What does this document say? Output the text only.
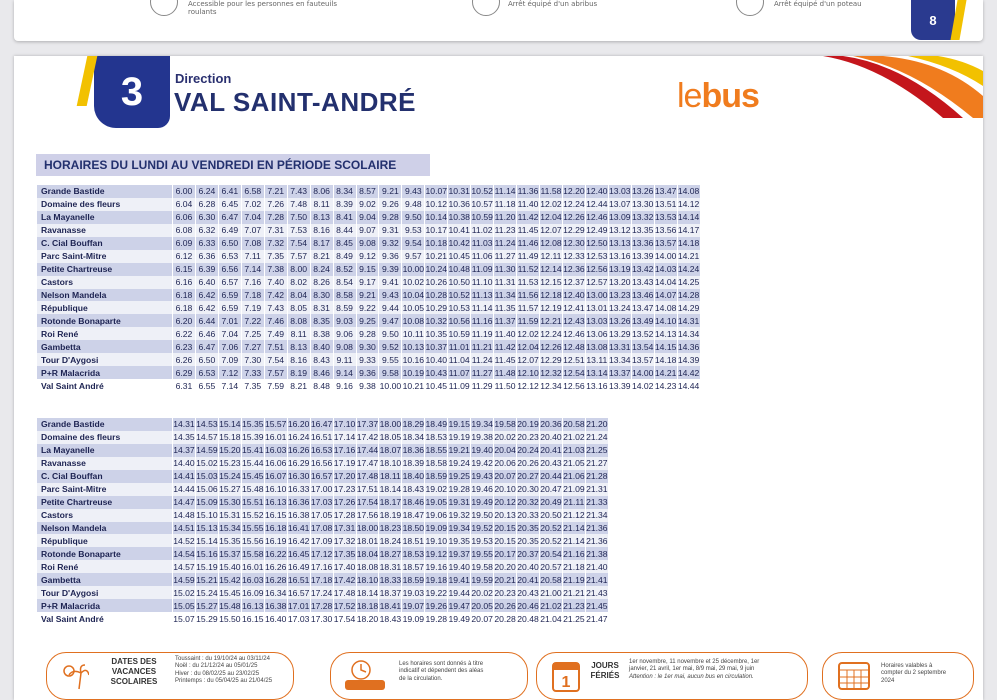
Accessible pour les personnes en fauteuils roulants
Arrêt équipé d'un abribus	Arrêt équipé d'un poteau
8
3 Direction
VAL SAINT-ANDRÉ	lebus
HORAIRES DU LUNDI AU VENDREDI EN PÉRIODE SCOLAIRE
Grande Bastide	6.00	6.24	6.41	6.58	7.21	7.43	8.06	8.34	8.57	9.21	9.43	10.07	10.31	10.52	11.14	11.36	11.58	12.20	12.40	13.03	13.26	13.47	14.08
Domaine des fleurs	6.04	6.28	6.45	7.02	7.26	7.48	8.11	8.39	9.02	9.26	9.48	10.12	10.36	10.57	11.18	11.40	12.02	12.24	12.44	13.07	13.30	13.51	14.12
La Mayanelle	6.06	6.30	6.47	7.04	7.28	7.50	8.13	8.41	9.04	9.28	9.50	10.14	10.38	10.59	11.20	11.42	12.04	12.26	12.46	13.09	13.32	13.53	14.14
Ravanasse	6.08	6.32	6.49	7.07	7.31	7.53	8.16	8.44	9.07	9.31	9.53	10.17	10.41	11.02	11.23	11.45	12.07	12.29	12.49	13.12	13.35	13.56	14.17
C. Cial Bouffan	6.09	6.33	6.50	7.08	7.32	7.54	8.17	8.45	9.08	9.32	9.54	10.18	10.42	11.03	11.24	11.46	12.08	12.30	12.50	13.13	13.36	13.57	14.18
Parc Saint-Mitre	6.12	6.36	6.53	7.11	7.35	7.57	8.21	8.49	9.12	9.36	9.57	10.21	10.45	11.06	11.27	11.49	12.11	12.33	12.53	13.16	13.39	14.00	14.21
Petite Chartreuse	6.15	6.39	6.56	7.14	7.38	8.00	8.24	8.52	9.15	9.39	10.00	10.24	10.48	11.09	11.30	11.52	12.14	12.36	12.56	13.19	13.42	14.03	14.24
Castors	6.16	6.40	6.57	7.16	7.40	8.02	8.26	8.54	9.17	9.41	10.02	10.26	10.50	11.10	11.31	11.53	12.15	12.37	12.57	13.20	13.43	14.04	14.25
Nelson Mandela	6.18	6.42	6.59	7.18	7.42	8.04	8.30	8.58	9.21	9.43	10.04	10.28	10.52	11.13	11.34	11.56	12.18	12.40	13.00	13.23	13.46	14.07	14.28
République	6.18	6.42	6.59	7.19	7.43	8.05	8.31	8.59	9.22	9.44	10.05	10.29	10.53	11.14	11.35	11.57	12.19	12.41	13.01	13.24	13.47	14.08	14.29
Rotonde Bonaparte	6.20	6.44	7.01	7.22	7.46	8.08	8.35	9.03	9.25	9.47	10.08	10.32	10.56	11.16	11.37	11.59	12.21	12.43	13.03	13.26	13.49	14.10	14.31
Roi René	6.22	6.46	7.04	7.25	7.49	8.11	8.38	9.06	9.28	9.50	10.11	10.35	10.59	11.19	11.40	12.02	12.24	12.46	13.06	13.29	13.52	14.13	14.34
Gambetta	6.23	6.47	7.06	7.27	7.51	8.13	8.40	9.08	9.30	9.52	10.13	10.37	11.01	11.21	11.42	12.04	12.26	12.48	13.08	13.31	13.54	14.15	14.36
Tour D'Aygosi	6.26	6.50	7.09	7.30	7.54	8.16	8.43	9.11	9.33	9.55	10.16	10.40	11.04	11.24	11.45	12.07	12.29	12.51	13.11	13.34	13.57	14.18	14.39
P+R Malacrida	6.29	6.53	7.12	7.33	7.57	8.19	8.46	9.14	9.36	9.58	10.19	10.43	11.07	11.27	11.48	12.10	12.32	12.54	13.14	13.37	14.00	14.21	14.42
Val Saint André	6.31	6.55	7.14	7.35	7.59	8.21	8.48	9.16	9.38	10.00	10.21	10.45	11.09	11.29	11.50	12.12	12.34	12.56	13.16	13.39	14.02	14.23	14.44
Grande Bastide	14.31	14.53	15.14	15.35	15.57	16.20	16.47	17.10	17.37	18.00	18.29	18.49	19.15	19.34	19.58	20.19	20.36	20.58	21.20
Domaine des fleurs	14.35	14.57	15.18	15.39	16.01	16.24	16.51	17.14	17.42	18.05	18.34	18.53	19.19	19.38	20.02	20.23	20.40	21.02	21.24
La Mayanelle	14.37	14.59	15.20	15.41	16.03	16.26	16.53	17.16	17.44	18.07	18.36	18.55	19.21	19.40	20.04	20.24	20.41	21.03	21.25
Ravanasse	14.40	15.02	15.23	15.44	16.06	16.29	16.56	17.19	17.47	18.10	18.39	18.58	19.24	19.42	20.06	20.26	20.43	21.05	21.27
C. Cial Bouffan	14.41	15.03	15.24	15.45	16.07	16.30	16.57	17.20	17.48	18.11	18.40	18.59	19.25	19.43	20.07	20.27	20.44	21.06	21.28
Parc Saint-Mitre	14.44	15.06	15.27	15.48	16.10	16.33	17.00	17.23	17.51	18.14	18.43	19.02	19.28	19.46	20.10	20.30	20.47	21.09	21.31
Petite Chartreuse	14.47	15.09	15.30	15.51	16.13	16.36	17.03	17.26	17.54	18.17	18.46	19.05	19.31	19.49	20.12	20.32	20.49	21.11	21.33
Castors	14.48	15.10	15.31	15.52	16.15	16.38	17.05	17.28	17.56	18.19	18.47	19.06	19.32	19.50	20.13	20.33	20.50	21.12	21.34
Nelson Mandela	14.51	15.13	15.34	15.55	16.18	16.41	17.08	17.31	18.00	18.23	18.50	19.09	19.34	19.52	20.15	20.35	20.52	21.14	21.36
République	14.52	15.14	15.35	15.56	16.19	16.42	17.09	17.32	18.01	18.24	18.51	19.10	19.35	19.53	20.15	20.35	20.52	21.14	21.36
Rotonde Bonaparte	14.54	15.16	15.37	15.58	16.22	16.45	17.12	17.35	18.04	18.27	18.53	19.12	19.37	19.55	20.17	20.37	20.54	21.16	21.38
Roi René	14.57	15.19	15.40	16.01	16.26	16.49	17.16	17.40	18.08	18.31	18.57	19.16	19.40	19.58	20.20	20.40	20.57	21.18	21.40
Gambetta	14.59	15.21	15.42	16.03	16.28	16.51	17.18	17.42	18.10	18.33	18.59	19.18	19.41	19.59	20.21	20.41	20.58	21.19	21.41
Tour D'Aygosi	15.02	15.24	15.45	16.09	16.34	16.57	17.24	17.48	18.14	18.37	19.03	19.22	19.44	20.02	20.23	20.43	21.00	21.21	21.43
P+R Malacrida	15.05	15.27	15.48	16.13	16.38	17.01	17.28	17.52	18.18	18.41	19.07	19.26	19.47	20.05	20.26	20.46	21.02	21.23	21.45
Val Saint André	15.07	15.29	15.50	16.15	16.40	17.03	17.30	17.54	18.20	18.43	19.09	19.28	19.49	20.07	20.28	20.48	21.04	21.25	21.47
DATES DES VACANCES SCOLAIRES
Toussaint : du 19/10/24 au 03/11/24
Noël : du 21/12/24 au 05/01/25
Hiver : du 08/02/25 au 23/02/25
Printemps : du 05/04/25 au 21/04/25
Les horaires sont donnés à titre
indicatif et dépendent des aléas
de la circulation.	1
JOURS FÉRIÉS
1er novembre, 11 novembre et 25 décembre, 1er
janvier, 21 avril, 1er mai, 8/9 mai, 29 mai, 9 juin
Attention : le 1er mai, aucun bus en circulation.
Horaires valables à
compter du 2 septembre
2024
